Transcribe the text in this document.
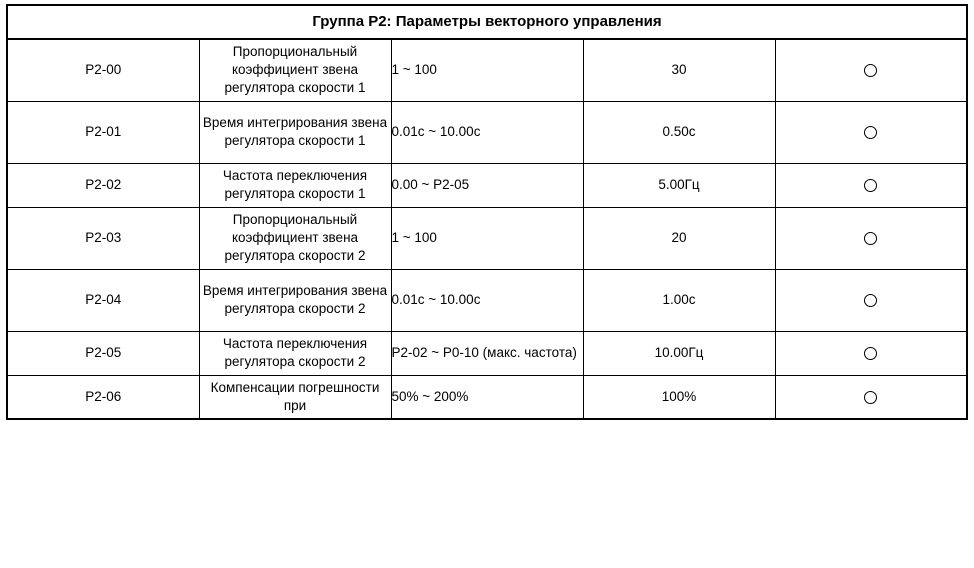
Группа P2: Параметры векторного управления				
P2-00	Пропорциональный коэффициент звена регулятора скорости 1	1 ~ 100	30	
P2-01	Время интегрирования звена регулятора скорости 1	0.01c ~ 10.00c	0.50c	
P2-02	Частота переключения регулятора скорости 1	0.00 ~ P2-05	5.00Гц	
P2-03	Пропорциональный коэффициент звена регулятора скорости 2	1 ~ 100	20	
P2-04	Время интегрирования звена регулятора скорости 2	0.01c ~ 10.00c	1.00c	
P2-05	Частота переключения регулятора скорости 2	P2-02 ~ P0-10 (макс. частота)	10.00Гц	
P2-06	Компенсации погрешности при	50% ~ 200%	100%	
